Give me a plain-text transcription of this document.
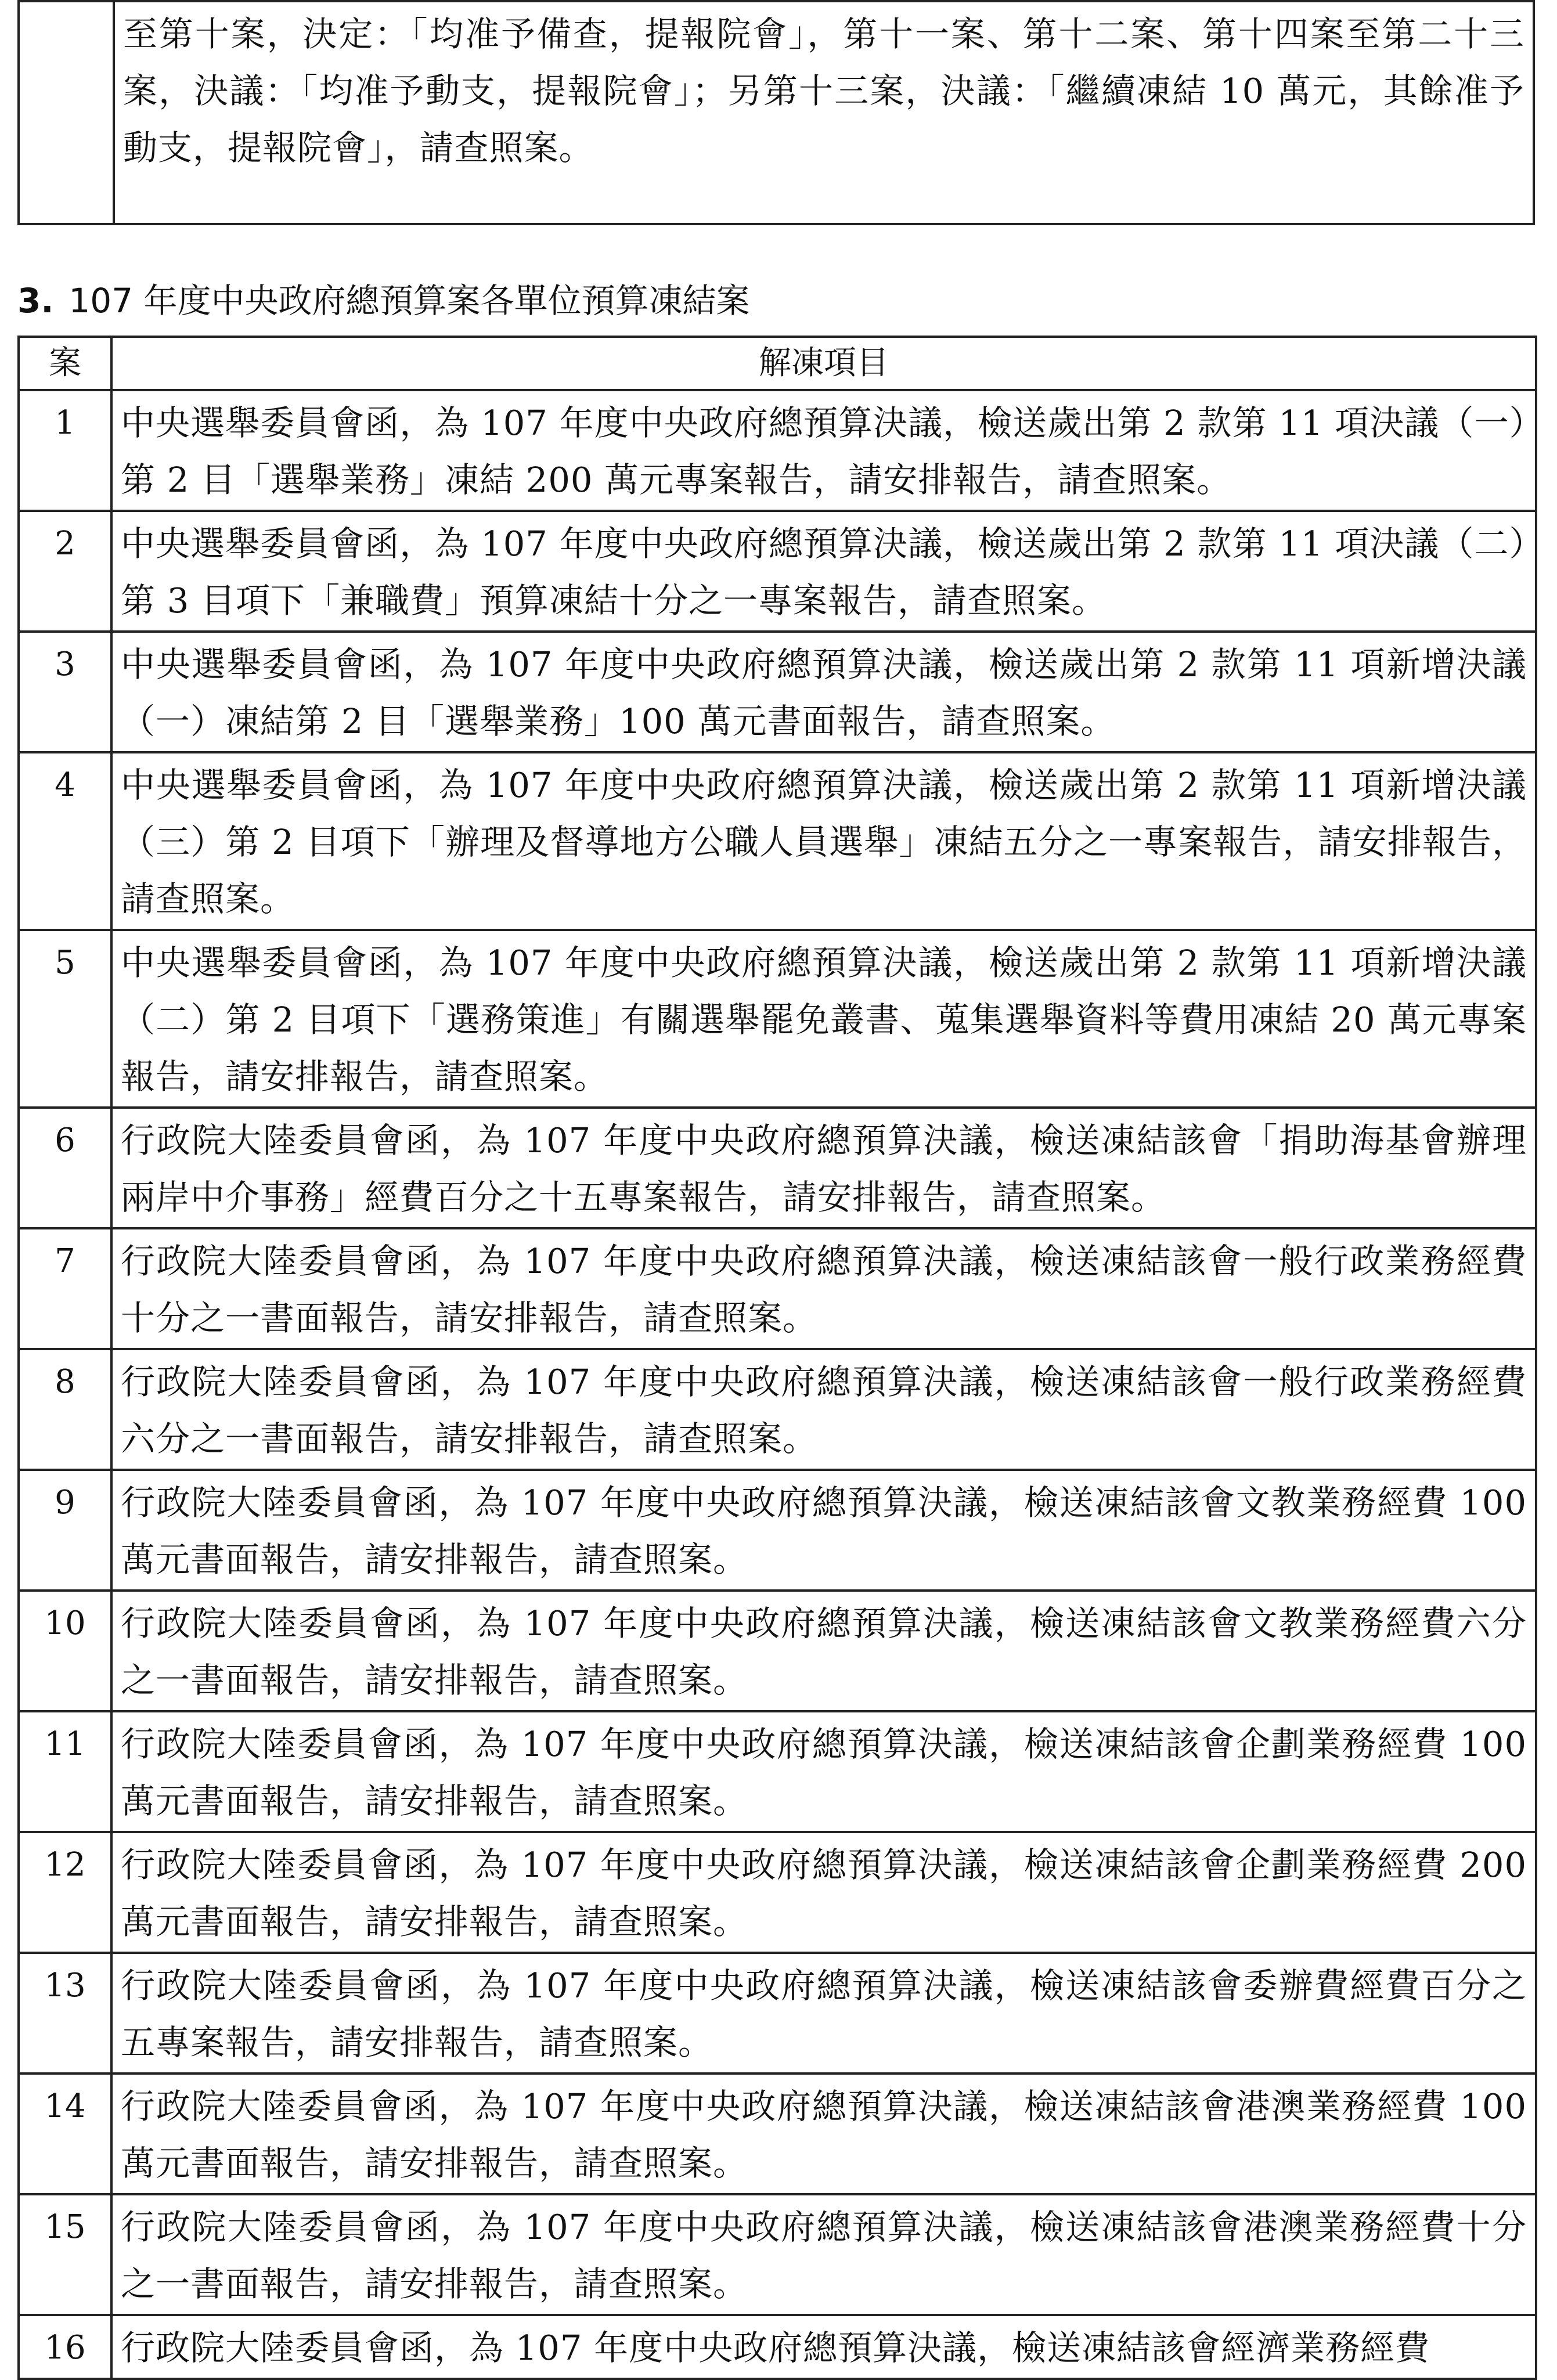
至第十案，決定：「均准予備查，提報院會」，第十一案、第十二案、第十四案至第二十三案，決議：「均准予動支，提報院會」；另第十三案，決議：「繼續凍結 10 萬元，其餘准予動支，提報院會」，請查照案。
3. 107 年度中央政府總預算案各單位預算凍結案
案	解凍項目
1	中央選舉委員會函，為 107 年度中央政府總預算決議，檢送歲出第 2 款第 11 項決議（一）第 2 目「選舉業務」凍結 200 萬元專案報告，請安排報告，請查照案。

2	中央選舉委員會函，為 107 年度中央政府總預算決議，檢送歲出第 2 款第 11 項決議（二）第 3 目項下「兼職費」預算凍結十分之一專案報告，請查照案。

3	中央選舉委員會函，為 107 年度中央政府總預算決議，檢送歲出第 2 款第 11 項新增決議（一）凍結第 2 目「選舉業務」100 萬元書面報告，請查照案。

4	中央選舉委員會函，為 107 年度中央政府總預算決議，檢送歲出第 2 款第 11 項新增決議（三）第 2 目項下「辦理及督導地方公職人員選舉」凍結五分之一專案報告，請安排報告，請查照案。

5	中央選舉委員會函，為 107 年度中央政府總預算決議，檢送歲出第 2 款第 11 項新增決議（二）第 2 目項下「選務策進」有關選舉罷免叢書、蒐集選舉資料等費用凍結 20 萬元專案報告，請安排報告，請查照案。

6	行政院大陸委員會函，為 107 年度中央政府總預算決議，檢送凍結該會「捐助海基會辦理兩岸中介事務」經費百分之十五專案報告，請安排報告，請查照案。

7	行政院大陸委員會函，為 107 年度中央政府總預算決議，檢送凍結該會一般行政業務經費十分之一書面報告，請安排報告，請查照案。

8	行政院大陸委員會函，為 107 年度中央政府總預算決議，檢送凍結該會一般行政業務經費六分之一書面報告，請安排報告，請查照案。

9	行政院大陸委員會函，為 107 年度中央政府總預算決議，檢送凍結該會文教業務經費 100 萬元書面報告，請安排報告，請查照案。

10	行政院大陸委員會函，為 107 年度中央政府總預算決議，檢送凍結該會文教業務經費六分之一書面報告，請安排報告，請查照案。

11	行政院大陸委員會函，為 107 年度中央政府總預算決議，檢送凍結該會企劃業務經費 100 萬元書面報告，請安排報告，請查照案。

12	行政院大陸委員會函，為 107 年度中央政府總預算決議，檢送凍結該會企劃業務經費 200 萬元書面報告，請安排報告，請查照案。

13	行政院大陸委員會函，為 107 年度中央政府總預算決議，檢送凍結該會委辦費經費百分之五專案報告，請安排報告，請查照案。

14	行政院大陸委員會函，為 107 年度中央政府總預算決議，檢送凍結該會港澳業務經費 100 萬元書面報告，請安排報告，請查照案。

15	行政院大陸委員會函，為 107 年度中央政府總預算決議，檢送凍結該會港澳業務經費十分之一書面報告，請安排報告，請查照案。

16	行政院大陸委員會函，為 107 年度中央政府總預算決議，檢送凍結該會經濟業務經費
